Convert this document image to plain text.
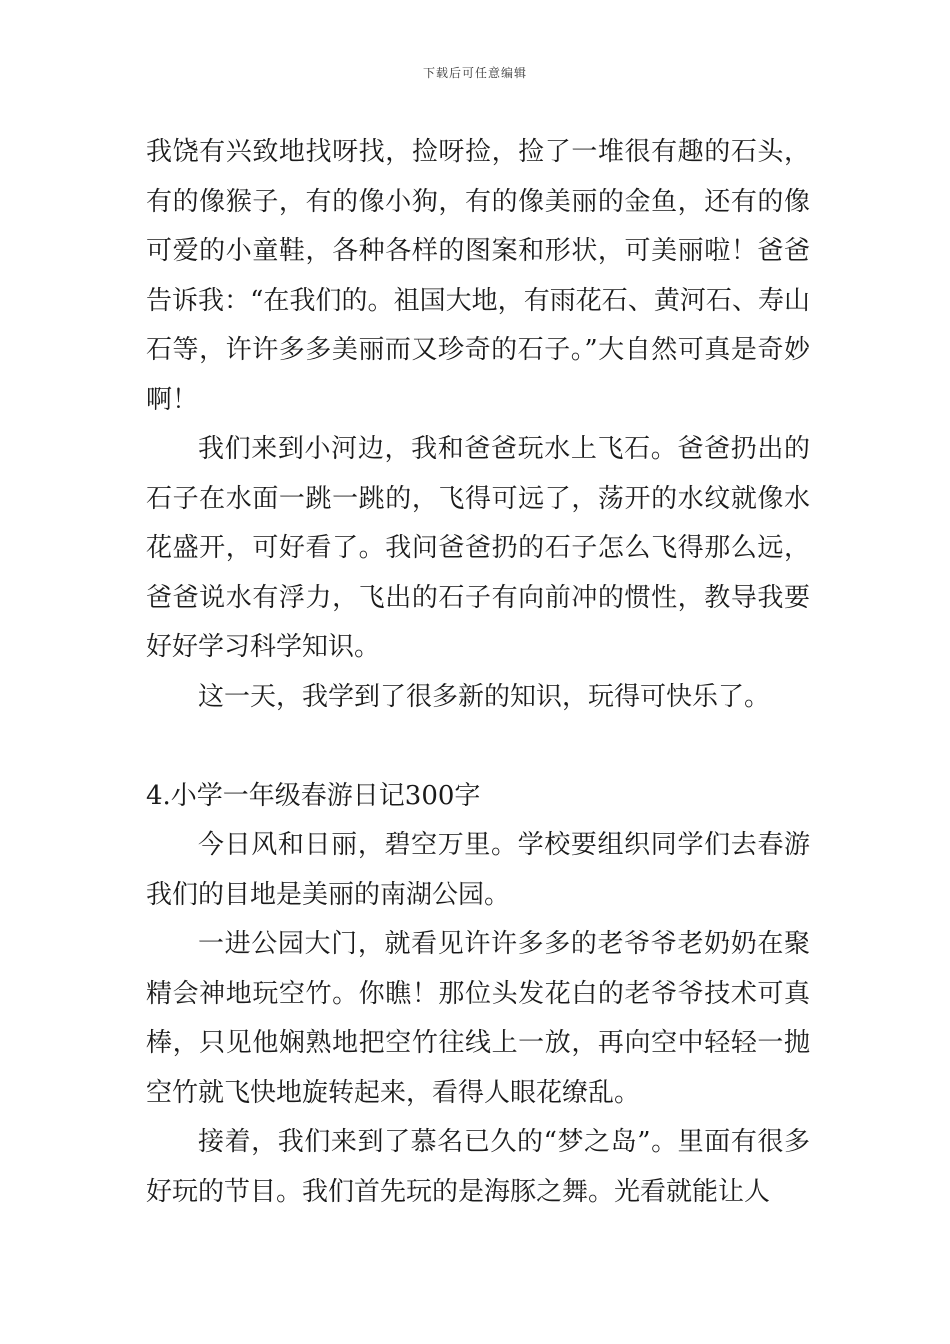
下载后可任意编辑

我饶有兴致地找呀找，捡呀捡，捡了一堆很有趣的石头，有的像猴子，有的像小狗，有的像美丽的金鱼，还有的像可爱的小童鞋，各种各样的图案和形状，可美丽啦！爸爸告诉我：“在我们的。祖国大地，有雨花石、黄河石、寿山石等，许许多多美丽而又珍奇的石子。”大自然可真是奇妙啊！

我们来到小河边，我和爸爸玩水上飞石。爸爸扔出的石子在水面一跳一跳的，飞得可远了，荡开的水纹就像水花盛开，可好看了。我问爸爸扔的石子怎么飞得那么远，爸爸说水有浮力，飞出的石子有向前冲的惯性，教导我要好好学习科学知识。

这一天，我学到了很多新的知识，玩得可快乐了。

4.小学一年级春游日记300字

今日风和日丽，碧空万里。学校要组织同学们去春游我们的目地是美丽的南湖公园。

一进公园大门，就看见许许多多的老爷爷老奶奶在聚精会神地玩空竹。你瞧！那位头发花白的老爷爷技术可真棒，只见他娴熟地把空竹往线上一放，再向空中轻轻一抛空竹就飞快地旋转起来，看得人眼花缭乱。

接着，我们来到了慕名已久的“梦之岛”。里面有很多好玩的节目。我们首先玩的是海豚之舞。光看就能让人
